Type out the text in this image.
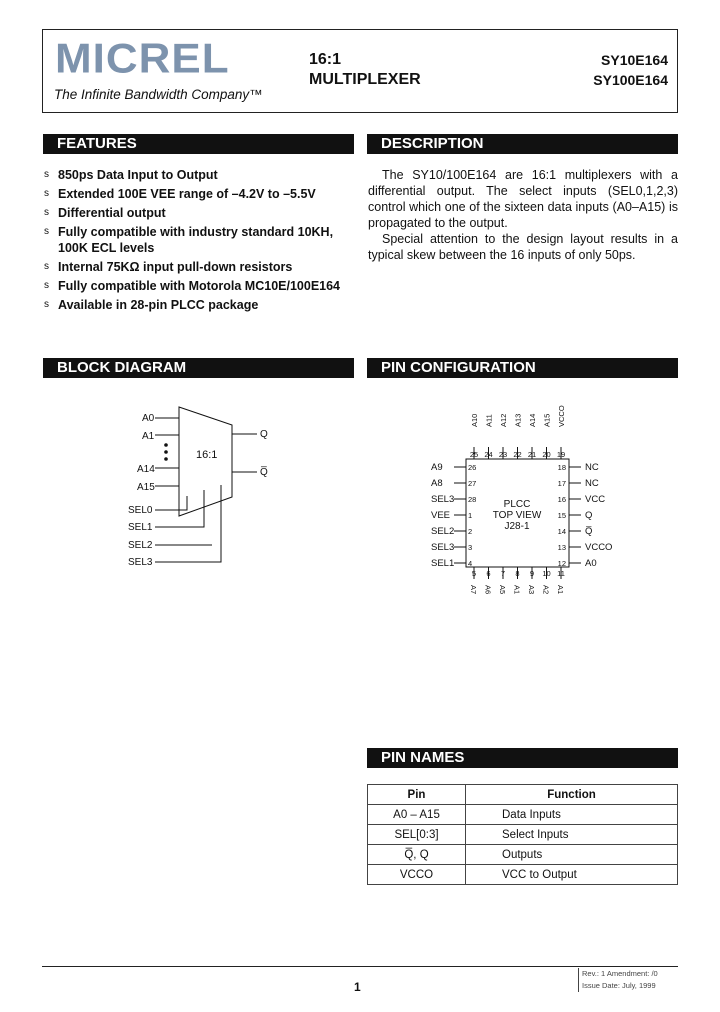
MICREL
The Infinite Bandwidth Company™
16:1
MULTIPLEXER
SY10E164
SY100E164
FEATURES	DESCRIPTION
BLOCK DIAGRAM	PIN CONFIGURATION
PIN NAMES
s 850ps Data Input to Output
s Extended 100E VEE range of –4.2V to –5.5V
s Differential output
s Fully compatible with industry standard 10KH, 100K ECL levels
s Internal 75KΩ input pull-down resistors
s Fully compatible with Motorola MC10E/100E164
s Available in 28-pin PLCC package

The SY10/100E164 are 16:1 multiplexers with a differential output. The select inputs (SEL0,1,2,3) control which one of the sixteen data inputs (A0–A15) is propagated to the output.

Special attention to the design layout results in a typical skew between the 16 inputs of only 50ps.

16:1
A0
A1
A14
A15
Q
Q̅
SEL0
SEL1
SEL2
SEL3
PLCC
TOP VIEW
J28-1
25
A10
24
A11
23
A12
22
A13
21
A14
20
A15
19
VCCO
5
A7
6
A6
7
A5
8
A1
9
A3
10
A2
11
A1
26
A9
27
A8
28
SEL3
1
VEE
2
SEL2
3
SEL3
4
SEL1
18 NC
17 NC
16 VCC
15 Q
14 Q̅
13 VCCO
12 A0
Pin	Function
A0 – A15	Data Inputs
SEL[0:3]	Select Inputs
Q̅, Q	Outputs
VCCO	VCC to Output
1
Rev.: 1 Amendment: /0
Issue Date: July, 1999
